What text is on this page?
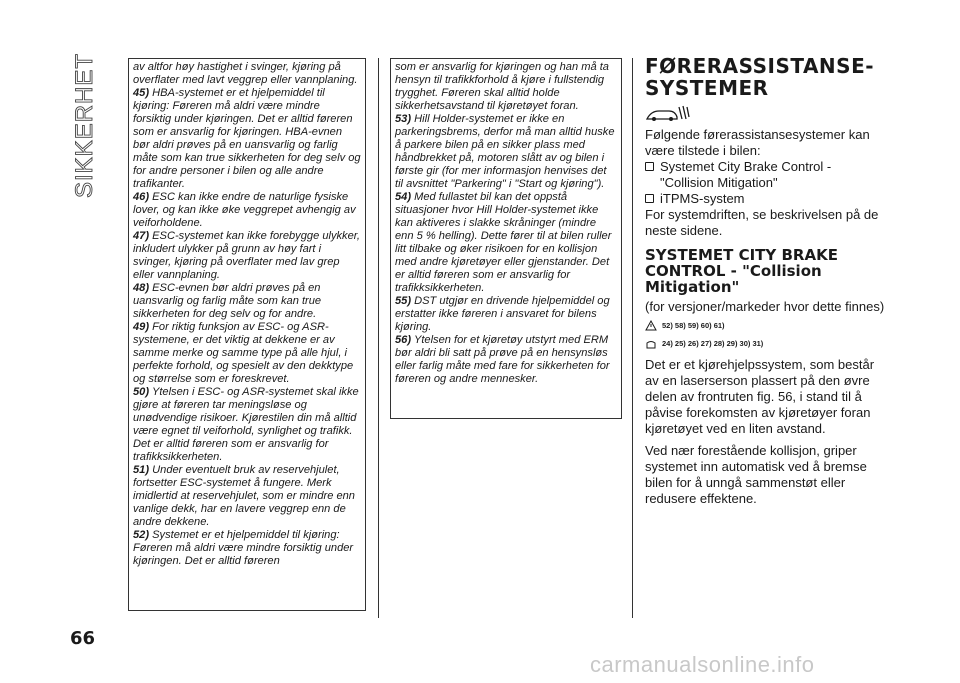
SIKKERHET	av altfor høy hastighet i svinger, kjøring på overflater med lavt veggrep eller vannplaning.

45) HBA-systemet er et hjelpemiddel til kjøring: Føreren må aldri være mindre forsiktig under kjøringen. Det er alltid føreren som er ansvarlig for kjøringen. HBA-evnen bør aldri prøves på en uansvarlig og farlig måte som kan true sikkerheten for deg selv og for andre personer i bilen og alle andre trafikanter.

46) ESC kan ikke endre de naturlige fysiske lover, og kan ikke øke veggrepet avhengig av veiforholdene.

47) ESC-systemet kan ikke forebygge ulykker, inkludert ulykker på grunn av høy fart i svinger, kjøring på overflater med lav grep eller vannplaning.

48) ESC-evnen bør aldri prøves på en uansvarlig og farlig måte som kan true sikkerheten for deg selv og for andre.

49) For riktig funksjon av ESC- og ASR-systemene, er det viktig at dekkene er av samme merke og samme type på alle hjul, i perfekte forhold, og spesielt av den dekktype og størrelse som er foreskrevet.

50) Ytelsen i ESC- og ASR-systemet skal ikke gjøre at føreren tar meningsløse og unødvendige risikoer. Kjørestilen din må alltid være egnet til veiforhold, synlighet og trafikk. Det er alltid føreren som er ansvarlig for trafikksikkerheten.

51) Under eventuelt bruk av reservehjulet, fortsetter ESC-systemet å fungere. Merk imidlertid at reservehjulet, som er mindre enn vanlige dekk, har en lavere veggrep enn de andre dekkene.

52) Systemet er et hjelpemiddel til kjøring: Føreren må aldri være mindre forsiktig under kjøringen. Det er alltid føreren

som er ansvarlig for kjøringen og han må ta hensyn til trafikkforhold å kjøre i fullstendig trygghet. Føreren skal alltid holde sikkerhetsavstand til kjøretøyet foran.

53) Hill Holder-systemet er ikke en parkeringsbrems, derfor må man alltid huske å parkere bilen på en sikker plass med håndbrekket på, motoren slått av og bilen i første gir (for mer informasjon henvises det til avsnittet "Parkering" i "Start og kjøring").

54) Med fullastet bil kan det oppstå situasjoner hvor Hill Holder-systemet ikke kan aktiveres i slakke skråninger (mindre enn 5 % helling). Dette fører til at bilen ruller litt tilbake og øker risikoen for en kollisjon med andre kjøretøyer eller gjenstander. Det er alltid føreren som er ansvarlig for trafikksikkerheten.

55) DST utgjør en drivende hjelpemiddel og erstatter ikke føreren i ansvaret for bilens kjøring.

56) Ytelsen for et kjøretøy utstyrt med ERM bør aldri bli satt på prøve på en hensynsløs eller farlig måte med fare for sikkerheten for føreren og andre mennesker.

FØRERASSISTANSE-SYSTEMER

Følgende førerassistansesystemer kan være tilstede i bilen:

Systemet City Brake Control - "Collision Mitigation"
iTPMS-system

For systemdriften, se beskrivelsen på de neste sidene.

SYSTEMET CITY BRAKE CONTROL - "Collision Mitigation"

(for versjoner/markeder hvor dette finnes)

52) 58) 59) 60) 61)
24) 25) 26) 27) 28) 29) 30) 31)

Det er et kjørehjelpssystem, som består av en laserserson plassert på den øvre delen av frontruten fig. 56, i stand til å påvise forekomsten av kjøretøyer foran kjøretøyet ved en liten avstand.

Ved nær forestående kollisjon, griper systemet inn automatisk ved å bremse bilen for å unngå sammenstøt eller redusere effektene.

66
carmanualsonline.info
